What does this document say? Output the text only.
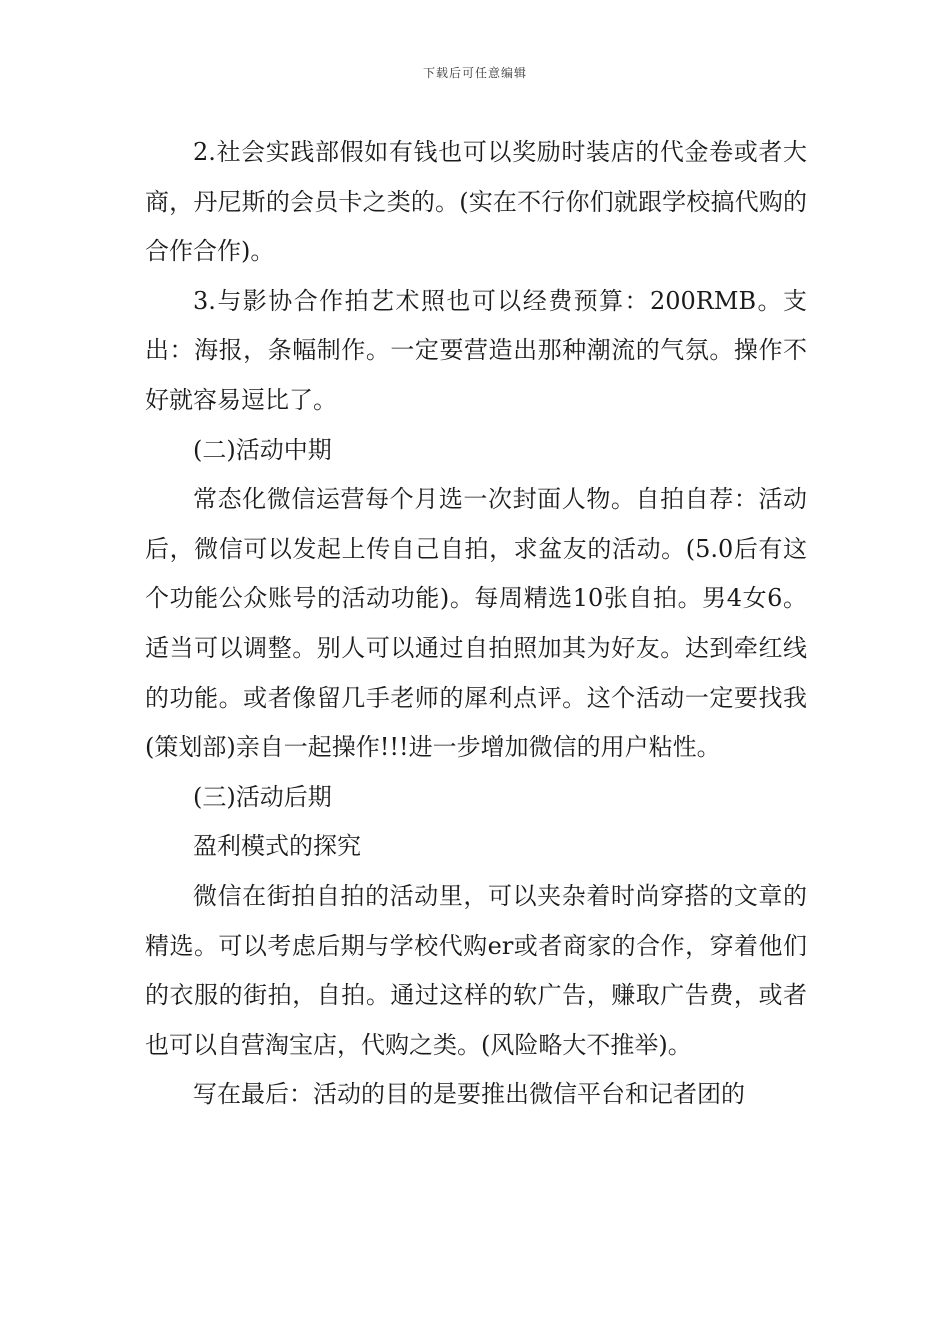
下载后可任意编辑

2.社会实践部假如有钱也可以奖励时装店的代金卷或者大商，丹尼斯的会员卡之类的。(实在不行你们就跟学校搞代购的合作合作)。

3.与影协合作拍艺术照也可以经费预算：200RMB。支出：海报，条幅制作。一定要营造出那种潮流的气氛。操作不好就容易逗比了。

(二)活动中期

常态化微信运营每个月选一次封面人物。自拍自荐：活动后，微信可以发起上传自己自拍，求盆友的活动。(5.0后有这个功能公众账号的活动功能)。每周精选10张自拍。男4女6。适当可以调整。别人可以通过自拍照加其为好友。达到牵红线的功能。或者像留几手老师的犀利点评。这个活动一定要找我(策划部)亲自一起操作!!!进一步增加微信的用户粘性。

(三)活动后期

盈利模式的探究

微信在街拍自拍的活动里，可以夹杂着时尚穿搭的文章的精选。可以考虑后期与学校代购er或者商家的合作，穿着他们的衣服的街拍，自拍。通过这样的软广告，赚取广告费，或者也可以自营淘宝店，代购之类。(风险略大不推举)。

写在最后：活动的目的是要推出微信平台和记者团的
